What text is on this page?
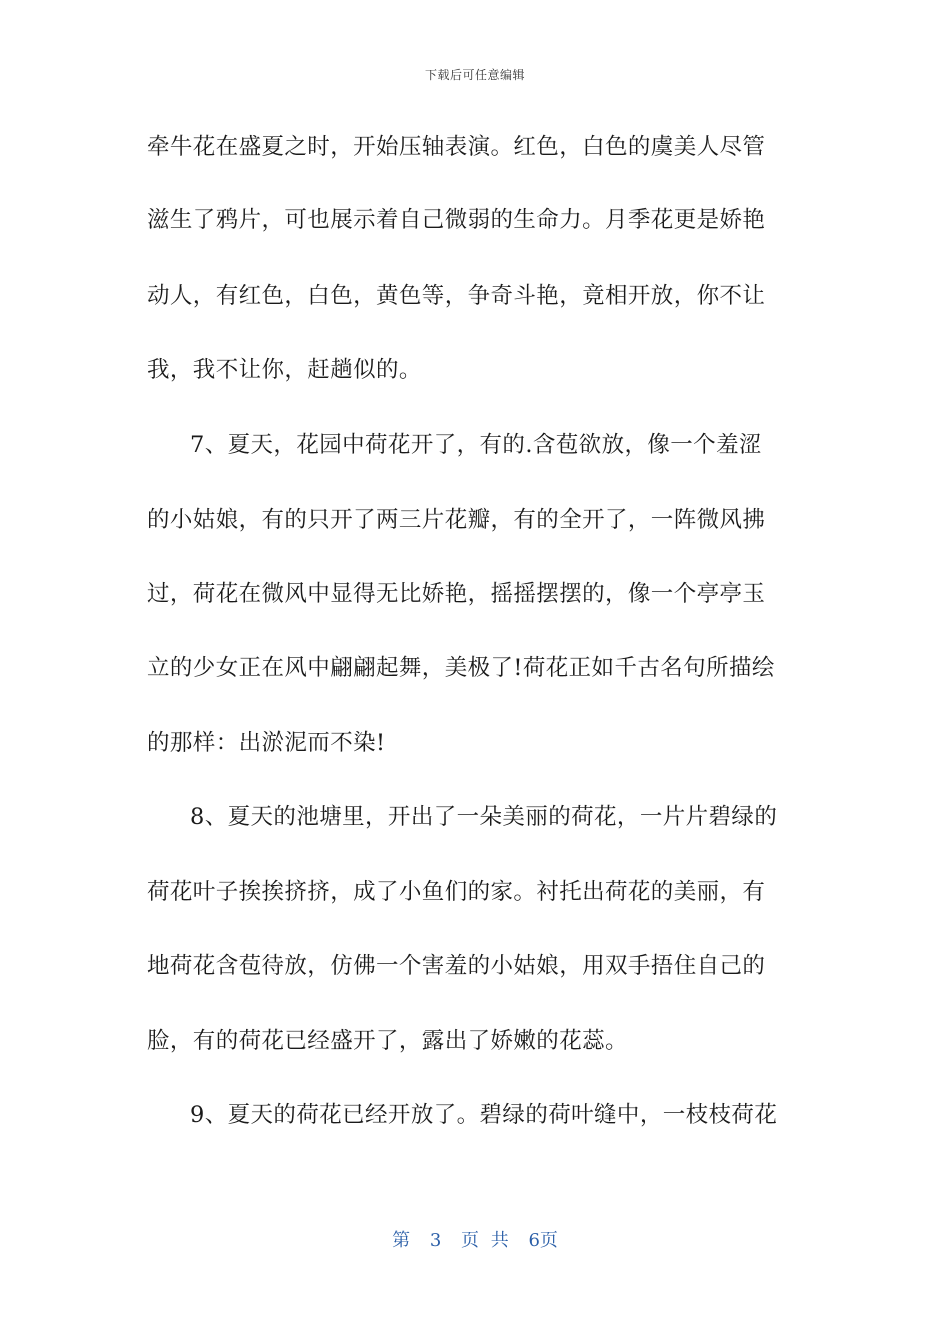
下载后可任意编辑
牵牛花在盛夏之时，开始压轴表演。红色，白色的虞美人尽管
滋生了鸦片，可也展示着自己微弱的生命力。月季花更是娇艳
动人，有红色，白色，黄色等，争奇斗艳，竟相开放，你不让
我，我不让你，赶趟似的。
7、夏天，花园中荷花开了，有的.含苞欲放，像一个羞涩
的小姑娘，有的只开了两三片花瓣，有的全开了，一阵微风拂
过，荷花在微风中显得无比娇艳，摇摇摆摆的，像一个亭亭玉
立的少女正在风中翩翩起舞，美极了!荷花正如千古名句所描绘
的那样：出淤泥而不染!
8、夏天的池塘里，开出了一朵美丽的荷花，一片片碧绿的
荷花叶子挨挨挤挤，成了小鱼们的家。衬托出荷花的美丽，有
地荷花含苞待放，仿佛一个害羞的小姑娘，用双手捂住自己的
脸，有的荷花已经盛开了，露出了娇嫩的花蕊。
9、夏天的荷花已经开放了。碧绿的荷叶缝中，一枝枝荷花
第 3 页 共 6页
